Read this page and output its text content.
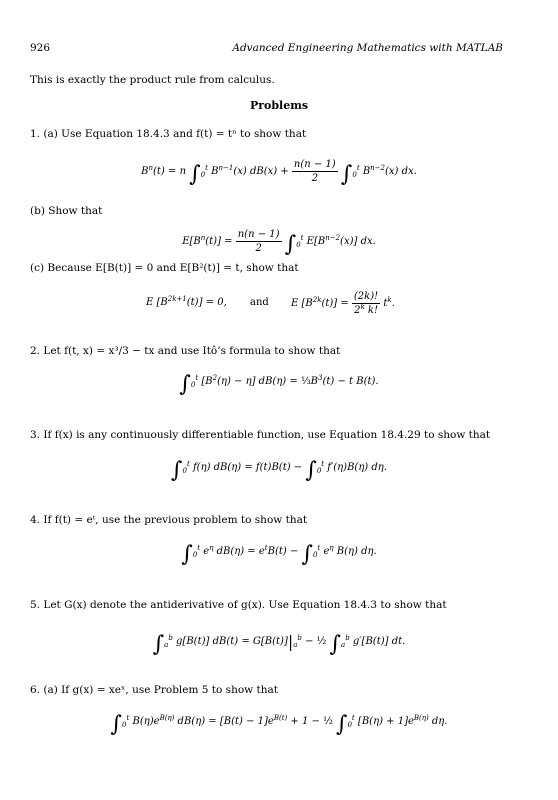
926	Advanced Engineering Mathematics with MATLAB
This is exactly the product rule from calculus.
Problems
1. (a) Use Equation 18.4.3 and f(t) = tⁿ to show that
$B^n(t) = n$ $\int_0^t$ $B^{n-1}(x) dB(x) + \frac{n(n - 1)}{2} \int_0^t$ $B^{n-2}(x)$ dx.
(b) Show that
$E[B^n(t)] = \frac{n(n - 1)}{2} \int_0^t$ $E[B^{n-2}(x)]$ dx.
(c) Because E[B(t)] = 0 and E[B²(t)] = t, show that
E $[B^{2k+1}(t)] = 0$, and E $[B^{2k}(t)] = \frac{(2k)!}{2^k k!} t^k$.
2. Let f(t, x) = x³/3 − tx and use Itô’s formula to show that
$\int_0^t$ $[B^2(\eta) - \eta] dB(\eta)$ = $\frac{1}{3}B^3(t) - t$ B(t).
3. If f(x) is any continuously differentiable function, use Equation 18.4.29 to show that
$\int_0^t$ f(η) $dB(\eta) = f(t)B(t) - \int_0^t$ f′(η)B(η) dη.
4. If f(t) = eᵗ, use the previous problem to show that
$\int_0^t$ $e^\eta$ $dB(\eta) = e^tB(t) - \int_0^t$ $e^\eta$ B(η) dη.
5. Let G(x) denote the antiderivative of g(x). Use Equation 18.4.3 to show that
$\int_a^b$ g[B(t)] $dB(t) = G[B(t)]|_a^b$ − ½ $\int_a^b$ g′[B(t)] dt.
6. (a) If g(x) = xeˣ, use Problem 5 to show that
$\int_0^t$ $B(\eta)e^{B(\eta)}$ $dB(\eta) = [B(t) - 1]e^{B(t)} + 1$ − ½ $\int_0^t$ $[B(\eta) + 1]e^{B(\eta)}$ dη.
